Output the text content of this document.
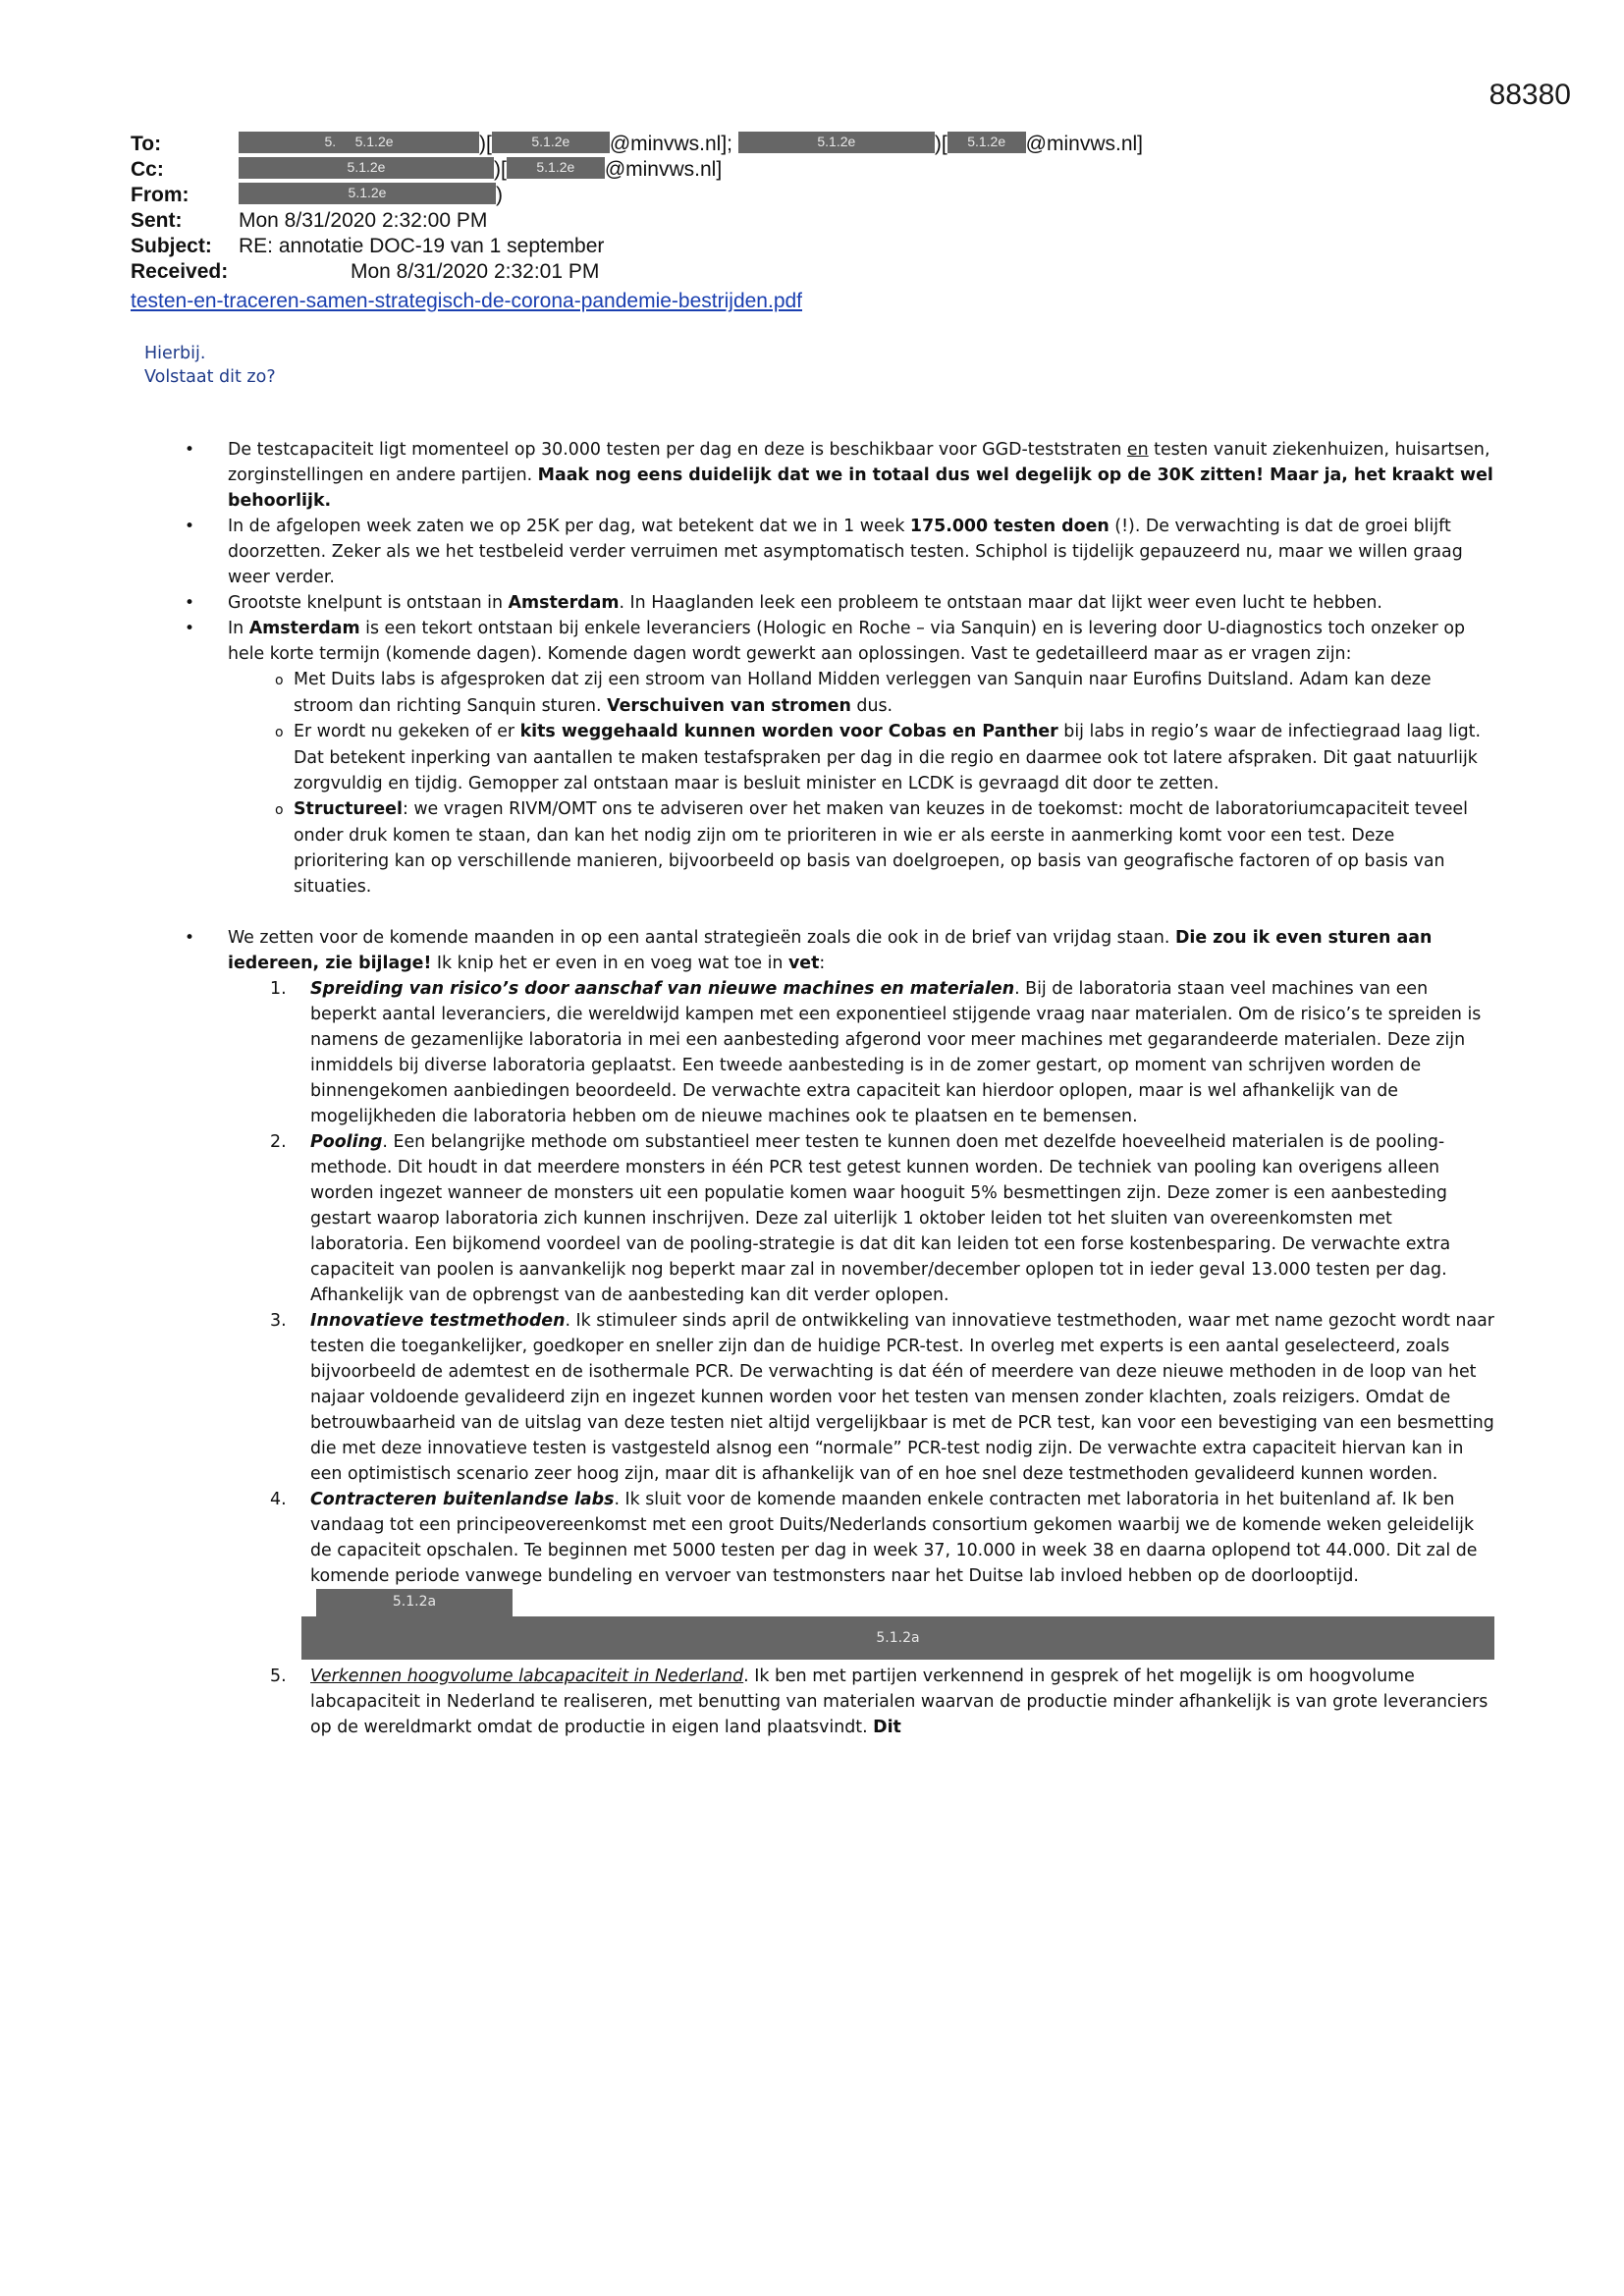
88380
To:	5. 5.1.2e	)[	5.1.2e @minvws.nl];	5.1.2e	)[ 5.1.2e @minvws.nl]
Cc:	5.1.2e	)[ 5.1.2e @minvws.nl]
From:	5.1.2e	)
Sent:	Mon 8/31/2020 2:32:00 PM
Subject: RE: annotatie DOC-19 van 1 september
Received:	Mon 8/31/2020 2:32:01 PM
testen-en-traceren-samen-strategisch-de-corona-pandemie-bestrijden.pdf
Hierbij.
Volstaat dit zo?
• De testcapaciteit ligt momenteel op 30.000 testen per dag en deze is beschikbaar voor GGD-teststraten en testen vanuit ziekenhuizen, huisartsen, zorginstellingen en andere partijen. Maak nog eens duidelijk dat we in totaal dus wel degelijk op de 30K zitten! Maar ja, het kraakt wel behoorlijk.
• In de afgelopen week zaten we op 25K per dag, wat betekent dat we in 1 week 175.000 testen doen (!). De verwachting is dat de groei blijft doorzetten. Zeker als we het testbeleid verder verruimen met asymptomatisch testen. Schiphol is tijdelijk gepauzeerd nu, maar we willen graag weer verder.
• Grootste knelpunt is ontstaan in Amsterdam. In Haaglanden leek een probleem te ontstaan maar dat lijkt weer even lucht te hebben.
• In Amsterdam is een tekort ontstaan bij enkele leveranciers (Hologic en Roche – via Sanquin) en is levering door U-diagnostics toch onzeker op hele korte termijn (komende dagen). Komende dagen wordt gewerkt aan oplossingen. Vast te gedetailleerd maar as er vragen zijn:
o Met Duits labs is afgesproken dat zij een stroom van Holland Midden verleggen van Sanquin naar Eurofins Duitsland. Adam kan deze stroom dan richting Sanquin sturen. Verschuiven van stromen dus.
o Er wordt nu gekeken of er kits weggehaald kunnen worden voor Cobas en Panther bij labs in regio’s waar de infectiegraad laag ligt. Dat betekent inperking van aantallen te maken testafspraken per dag in die regio en daarmee ook tot latere afspraken. Dit gaat natuurlijk zorgvuldig en tijdig. Gemopper zal ontstaan maar is besluit minister en LCDK is gevraagd dit door te zetten.
o Structureel: we vragen RIVM/OMT ons te adviseren over het maken van keuzes in de toekomst: mocht de laboratoriumcapaciteit teveel onder druk komen te staan, dan kan het nodig zijn om te prioriteren in wie er als eerste in aanmerking komt voor een test. Deze prioritering kan op verschillende manieren, bijvoorbeeld op basis van doelgroepen, op basis van geografische factoren of op basis van situaties.
• We zetten voor de komende maanden in op een aantal strategieën zoals die ook in de brief van vrijdag staan. Die zou ik even sturen aan iedereen, zie bijlage! Ik knip het er even in en voeg wat toe in vet:
1. Spreiding van risico’s door aanschaf van nieuwe machines en materialen. Bij de laboratoria staan veel machines van een beperkt aantal leveranciers, die wereldwijd kampen met een exponentieel stijgende vraag naar materialen. Om de risico’s te spreiden is namens de gezamenlijke laboratoria in mei een aanbesteding afgerond voor meer machines met gegarandeerde materialen. Deze zijn inmiddels bij diverse laboratoria geplaatst. Een tweede aanbesteding is in de zomer gestart, op moment van schrijven worden de binnengekomen aanbiedingen beoordeeld. De verwachte extra capaciteit kan hierdoor oplopen, maar is wel afhankelijk van de mogelijkheden die laboratoria hebben om de nieuwe machines ook te plaatsen en te bemensen.
2. Pooling. Een belangrijke methode om substantieel meer testen te kunnen doen met dezelfde hoeveelheid materialen is de pooling-methode. Dit houdt in dat meerdere monsters in één PCR test getest kunnen worden. De techniek van pooling kan overigens alleen worden ingezet wanneer de monsters uit een populatie komen waar hooguit 5% besmettingen zijn. Deze zomer is een aanbesteding gestart waarop laboratoria zich kunnen inschrijven. Deze zal uiterlijk 1 oktober leiden tot het sluiten van overeenkomsten met laboratoria. Een bijkomend voordeel van de pooling-strategie is dat dit kan leiden tot een forse kostenbesparing. De verwachte extra capaciteit van poolen is aanvankelijk nog beperkt maar zal in november/december oplopen tot in ieder geval 13.000 testen per dag. Afhankelijk van de opbrengst van de aanbesteding kan dit verder oplopen.
3. Innovatieve testmethoden. Ik stimuleer sinds april de ontwikkeling van innovatieve testmethoden, waar met name gezocht wordt naar testen die toegankelijker, goedkoper en sneller zijn dan de huidige PCR-test. In overleg met experts is een aantal geselecteerd, zoals bijvoorbeeld de ademtest en de isothermale PCR. De verwachting is dat één of meerdere van deze nieuwe methoden in de loop van het najaar voldoende gevalideerd zijn en ingezet kunnen worden voor het testen van mensen zonder klachten, zoals reizigers. Omdat de betrouwbaarheid van de uitslag van deze testen niet altijd vergelijkbaar is met de PCR test, kan voor een bevestiging van een besmetting die met deze innovatieve testen is vastgesteld alsnog een “normale” PCR-test nodig zijn. De verwachte extra capaciteit hiervan kan in een optimistisch scenario zeer hoog zijn, maar dit is afhankelijk van of en hoe snel deze testmethoden gevalideerd kunnen worden.
4. Contracteren buitenlandse labs. Ik sluit voor de komende maanden enkele contracten met laboratoria in het buitenland af. Ik ben vandaag tot een principeovereenkomst met een groot Duits/Nederlands consortium gekomen waarbij we de komende weken geleidelijk de capaciteit opschalen. Te beginnen met 5000 testen per dag in week 37, 10.000 in week 38 en daarna oplopend tot 44.000. Dit zal de komende periode vanwege bundeling en vervoer van testmonsters naar het Duitse lab invloed hebben op de doorlooptijd.5.1.2a
5.1.2a
5. Verkennen hoogvolume labcapaciteit in Nederland. Ik ben met partijen verkennend in gesprek of het mogelijk is om hoogvolume labcapaciteit in Nederland te realiseren, met benutting van materialen waarvan de productie minder afhankelijk is van grote leveranciers op de wereldmarkt omdat de productie in eigen land plaatsvindt. Dit
